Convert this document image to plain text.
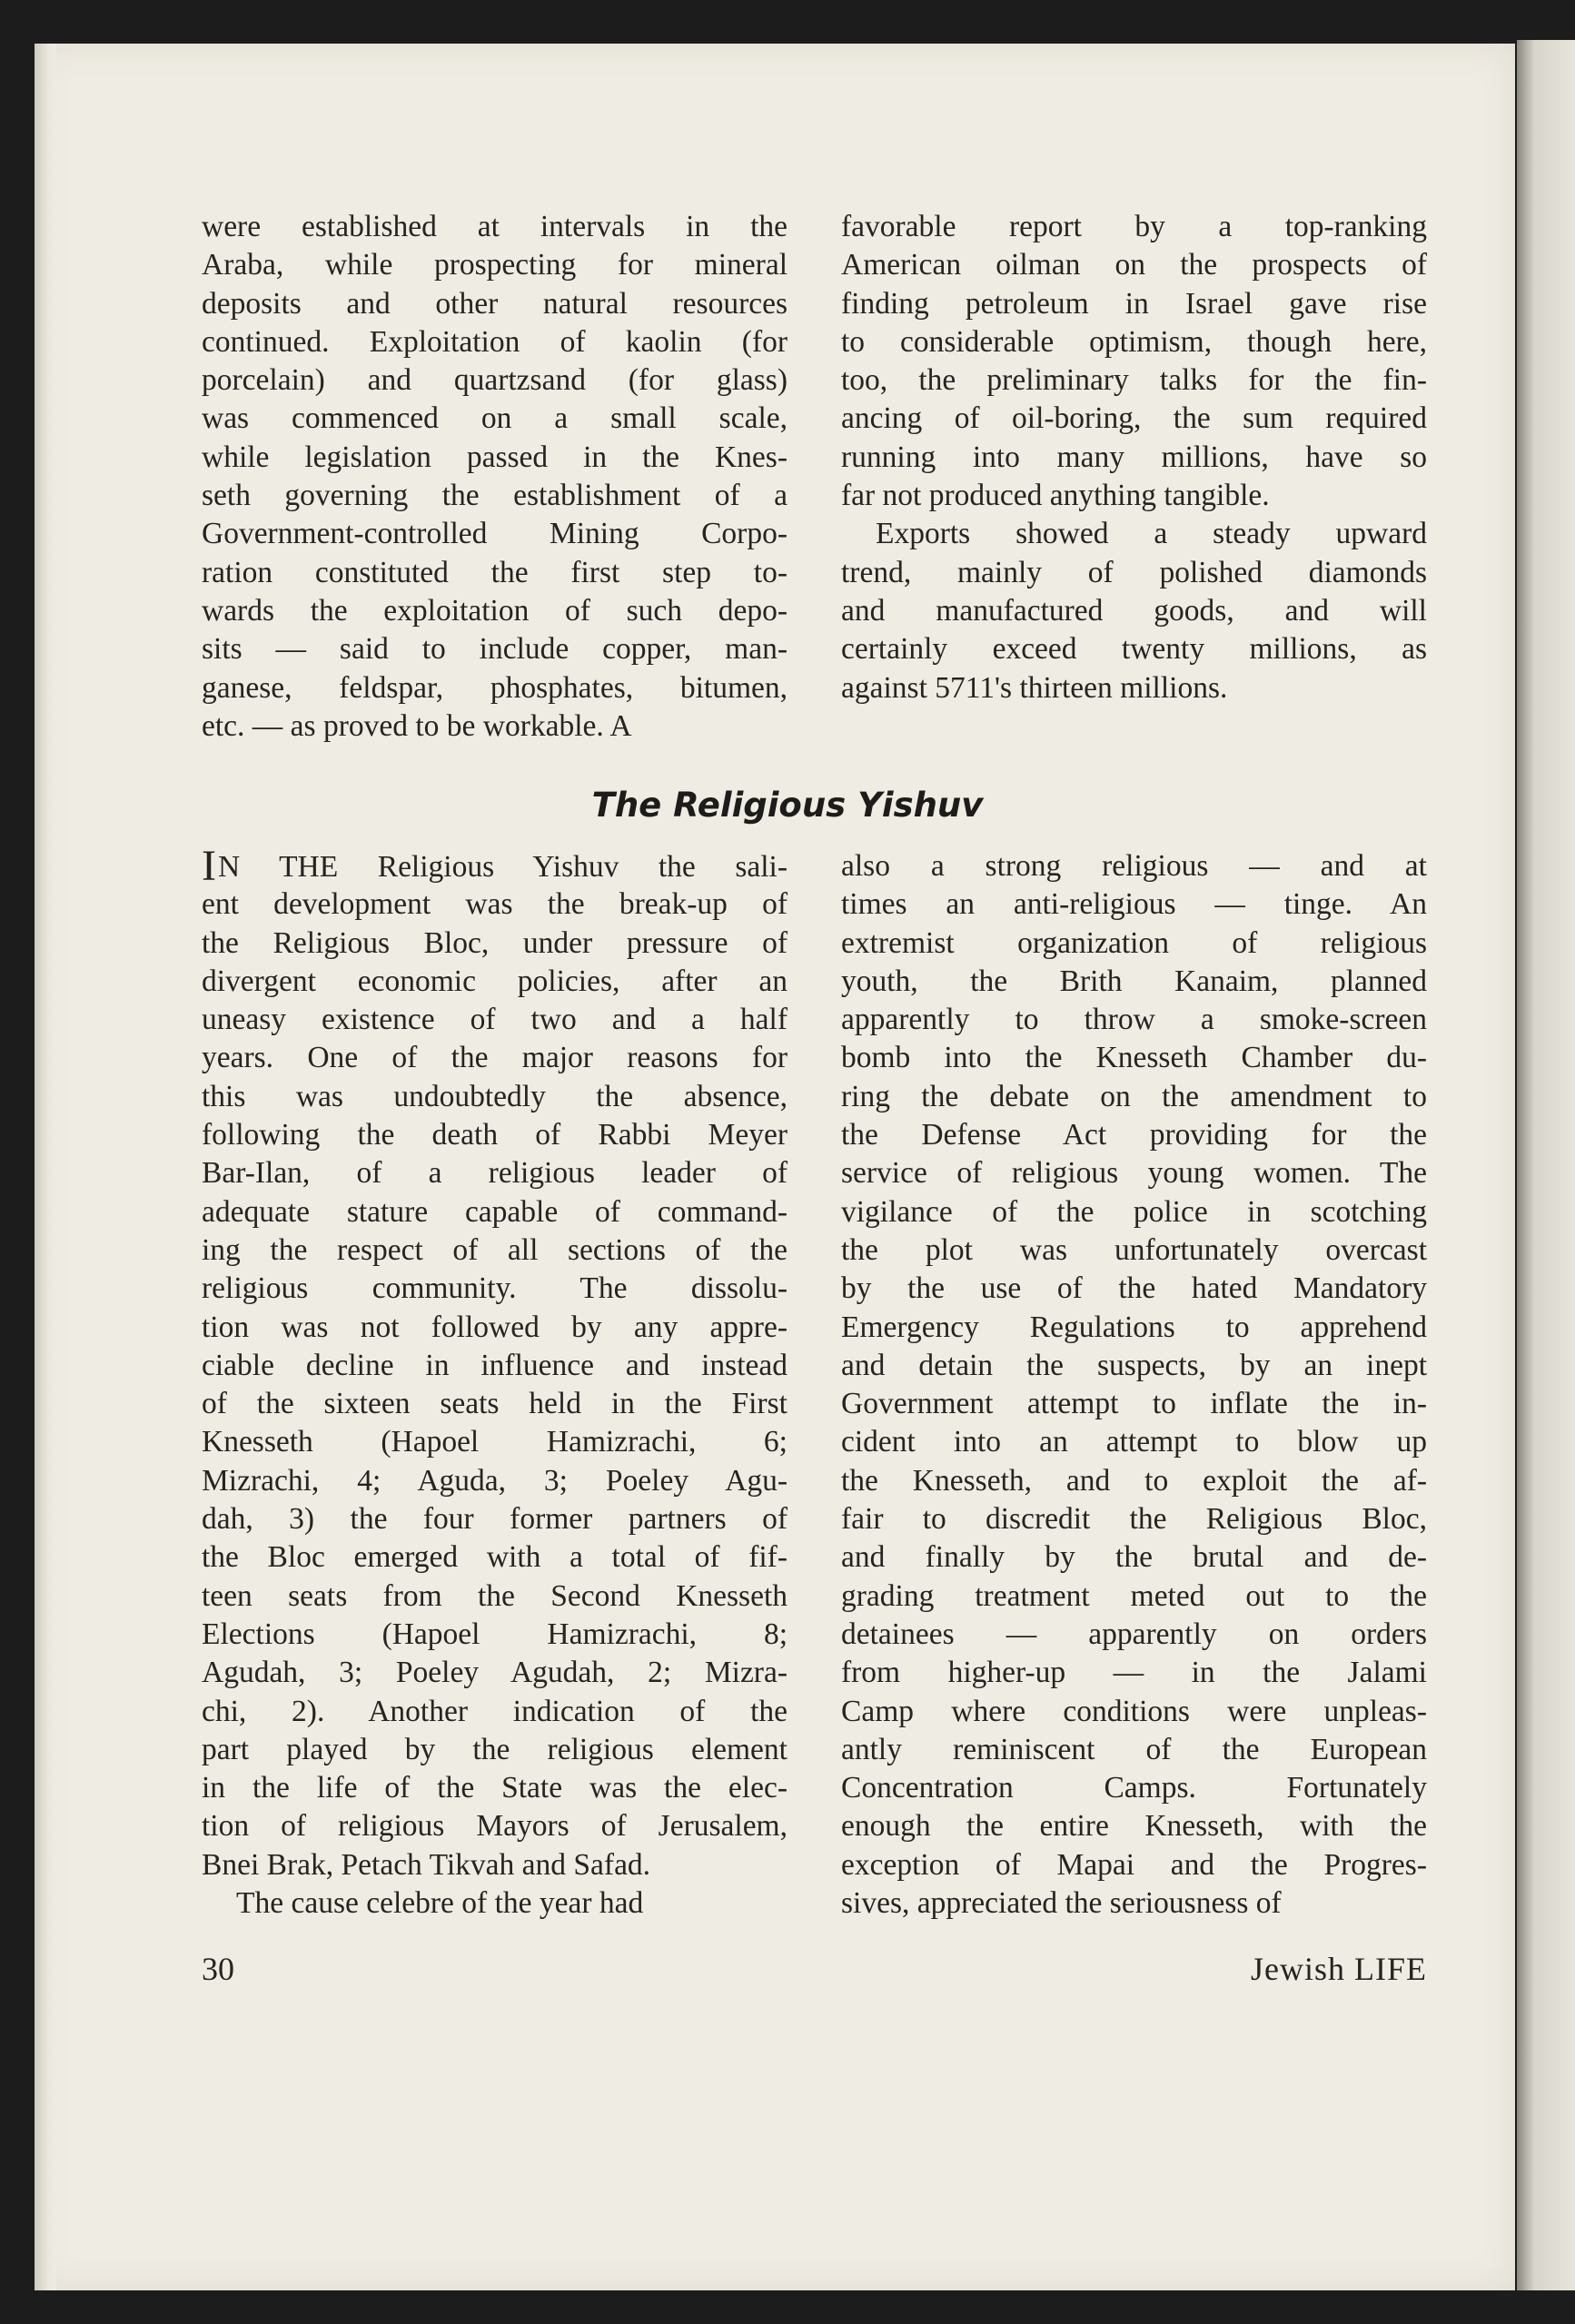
were established at intervals in the
Araba, while prospecting for mineral
deposits and other natural resources
continued. Exploitation of kaolin (for
porcelain) and quartzsand (for glass)
was commenced on a small scale,
while legislation passed in the Knes-
seth governing the establishment of a
Government-controlled Mining Corpo-
ration constituted the first step to-
wards the exploitation of such depo-
sits — said to include copper, man-
ganese, feldspar, phosphates, bitumen,
etc. — as proved to be workable. A
favorable report by a top-ranking
American oilman on the prospects of
finding petroleum in Israel gave rise
to considerable optimism, though here,
too, the preliminary talks for the fin-
ancing of oil-boring, the sum required
running into many millions, have so
far not produced anything tangible.
Exports showed a steady upward
trend, mainly of polished diamonds
and manufactured goods, and will
certainly exceed twenty millions, as
against 5711's thirteen millions.
The Religious Yishuv
IN THE Religious Yishuv the sali-
ent development was the break-up of
the Religious Bloc, under pressure of
divergent economic policies, after an
uneasy existence of two and a half
years. One of the major reasons for
this was undoubtedly the absence,
following the death of Rabbi Meyer
Bar-Ilan, of a religious leader of
adequate stature capable of command-
ing the respect of all sections of the
religious community. The dissolu-
tion was not followed by any appre-
ciable decline in influence and instead
of the sixteen seats held in the First
Knesseth (Hapoel Hamizrachi, 6;
Mizrachi, 4; Aguda, 3; Poeley Agu-
dah, 3) the four former partners of
the Bloc emerged with a total of fif-
teen seats from the Second Knesseth
Elections (Hapoel Hamizrachi, 8;
Agudah, 3; Poeley Agudah, 2; Mizra-
chi, 2). Another indication of the
part played by the religious element
in the life of the State was the elec-
tion of religious Mayors of Jerusalem,
Bnei Brak, Petach Tikvah and Safad.
The cause celebre of the year had
also a strong religious — and at
times an anti-religious — tinge. An
extremist organization of religious
youth, the Brith Kanaim, planned
apparently to throw a smoke-screen
bomb into the Knesseth Chamber du-
ring the debate on the amendment to
the Defense Act providing for the
service of religious young women. The
vigilance of the police in scotching
the plot was unfortunately overcast
by the use of the hated Mandatory
Emergency Regulations to apprehend
and detain the suspects, by an inept
Government attempt to inflate the in-
cident into an attempt to blow up
the Knesseth, and to exploit the af-
fair to discredit the Religious Bloc,
and finally by the brutal and de-
grading treatment meted out to the
detainees — apparently on orders
from higher-up — in the Jalami
Camp where conditions were unpleas-
antly reminiscent of the European
Concentration Camps. Fortunately
enough the entire Knesseth, with the
exception of Mapai and the Progres-
sives, appreciated the seriousness of
30	Jewish LIFE
